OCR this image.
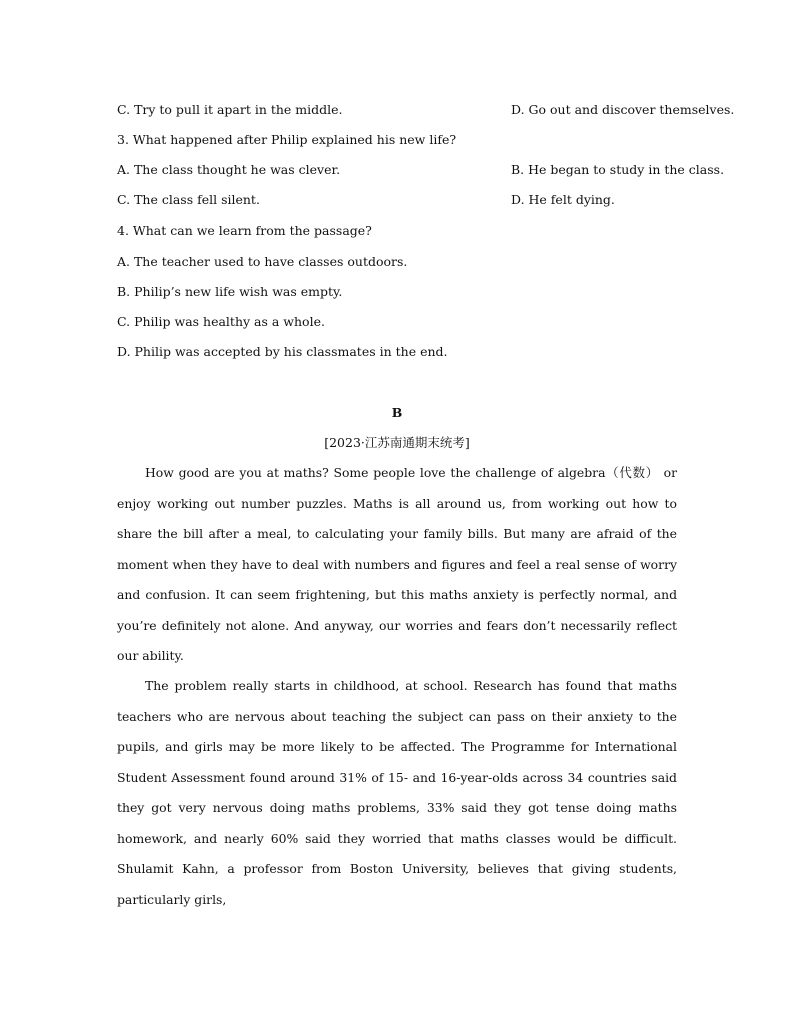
C. Try to pull it apart in the middle.	D. Go out and discover themselves.
3. What happened after Philip explained his new life?
A. The class thought he was clever.	B. He began to study in the class.
C. The class fell silent.	D. He felt dying.
4. What can we learn from the passage?
A. The teacher used to have classes outdoors.
B. Philip’s new life wish was empty.
C. Philip was healthy as a whole.
D. Philip was accepted by his classmates in the end.
B
[2023·江苏南通期末统考]

How good are you at maths? Some people love the challenge of algebra（代数） or enjoy working out number puzzles. Maths is all around us, from working out how to share the bill after a meal, to calculating your family bills. But many are afraid of the moment when they have to deal with numbers and figures and feel a real sense of worry and confusion. It can seem frightening, but this maths anxiety is perfectly normal, and you’re definitely not alone. And anyway, our worries and fears don’t necessarily reflect our ability.

The problem really starts in childhood, at school. Research has found that maths teachers who are nervous about teaching the subject can pass on their anxiety to the pupils, and girls may be more likely to be affected. The Programme for International Student Assessment found around 31% of 15- and 16-year-olds across 34 countries said they got very nervous doing maths problems, 33% said they got tense doing maths homework, and nearly 60% said they worried that maths classes would be difficult. Shulamit Kahn, a professor from Boston University, believes that giving students, particularly girls,
